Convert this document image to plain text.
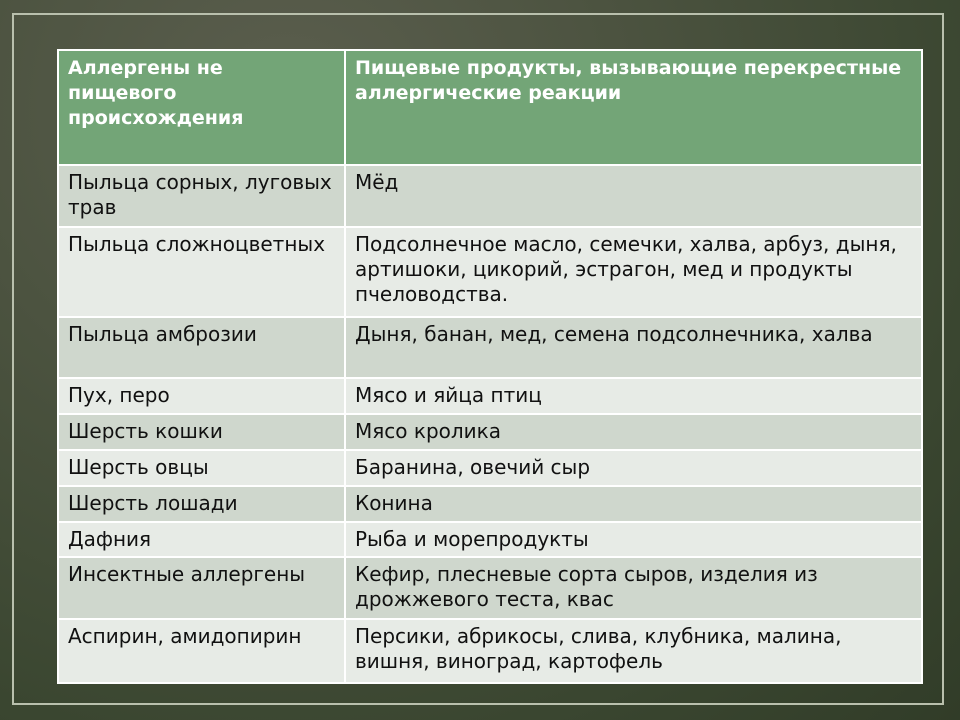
Аллергены не пищевого происхождения	Пищевые продукты, вызывающие перекрестные аллергические реакции
Пыльца сорных, луговых трав	Мёд
Пыльца сложноцветных	Подсолнечное масло, семечки, халва, арбуз, дыня, артишоки, цикорий, эстрагон, мед и продукты пчеловодства.
Пыльца амброзии	Дыня, банан, мед, семена подсолнечника, халва
Пух, перо	Мясо и яйца птиц
Шерсть кошки	Мясо кролика
Шерсть овцы	Баранина, овечий сыр
Шерсть лошади	Конина
Дафния	Рыба и морепродукты
Инсектные аллергены	Кефир, плесневые сорта сыров, изделия из дрожжевого теста, квас
Аспирин, амидопирин	Персики, абрикосы, слива, клубника, малина, вишня, виноград, картофель
